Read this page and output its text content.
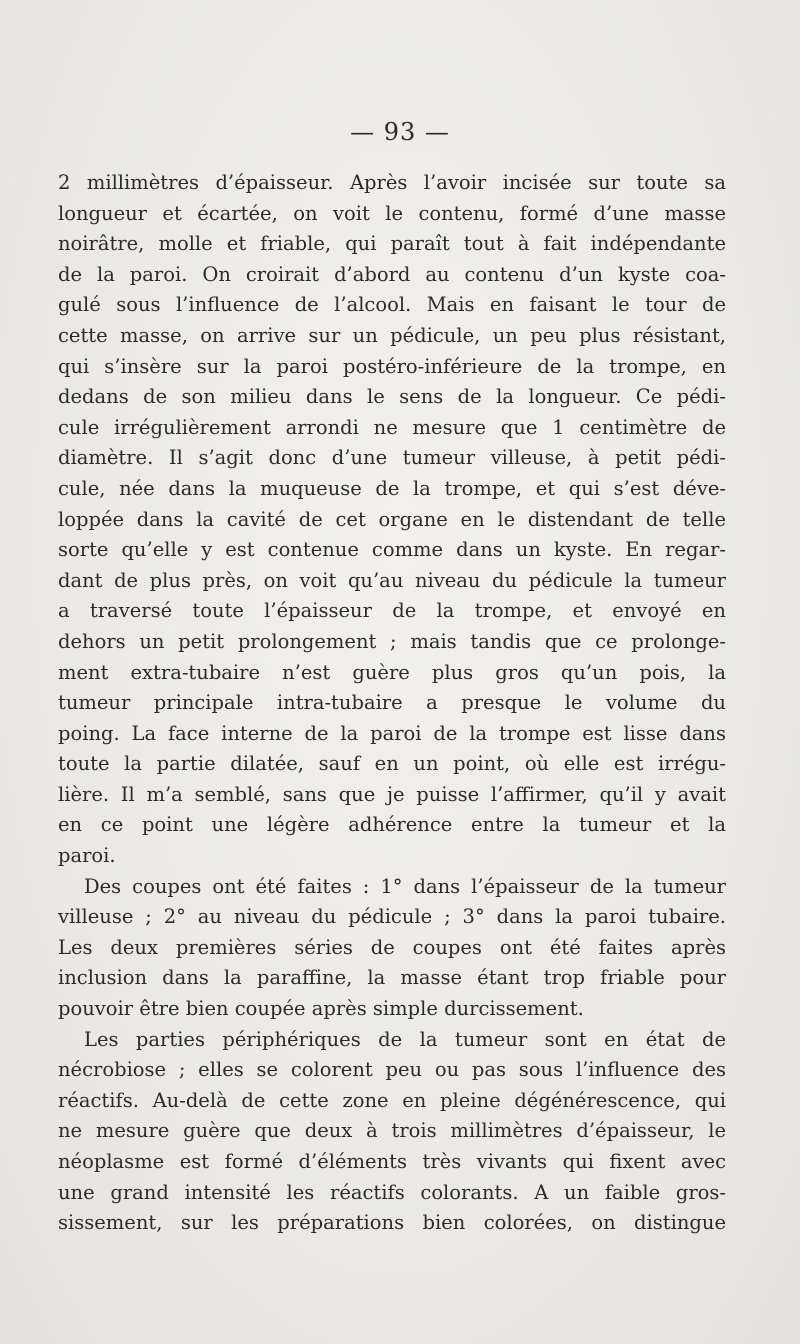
— 93 —
2 millimètres d’épaisseur. Après l’avoir incisée sur toute sa
longueur et écartée, on voit le contenu, formé d’une masse
noirâtre, molle et friable, qui paraît tout à fait indépendante
de la paroi. On croirait d’abord au contenu d’un kyste coa-
gulé sous l’influence de l’alcool. Mais en faisant le tour de
cette masse, on arrive sur un pédicule, un peu plus résistant,
qui s’insère sur la paroi postéro-inférieure de la trompe, en
dedans de son milieu dans le sens de la longueur. Ce pédi-
cule irrégulièrement arrondi ne mesure que 1 centimètre de
diamètre. Il s’agit donc d’une tumeur villeuse, à petit pédi-
cule, née dans la muqueuse de la trompe, et qui s’est déve-
loppée dans la cavité de cet organe en le distendant de telle
sorte qu’elle y est contenue comme dans un kyste. En regar-
dant de plus près, on voit qu’au niveau du pédicule la tumeur
a traversé toute l’épaisseur de la trompe, et envoyé en
dehors un petit prolongement ; mais tandis que ce prolonge-
ment extra-tubaire n’est guère plus gros qu’un pois, la
tumeur principale intra-tubaire a presque le volume du
poing. La face interne de la paroi de la trompe est lisse dans
toute la partie dilatée, sauf en un point, où elle est irrégu-
lière. Il m’a semblé, sans que je puisse l’affirmer, qu’il y avait
en ce point une légère adhérence entre la tumeur et la
paroi.
Des coupes ont été faites : 1° dans l’épaisseur de la tumeur
villeuse ; 2° au niveau du pédicule ; 3° dans la paroi tubaire.
Les deux premières séries de coupes ont été faites après
inclusion dans la paraffine, la masse étant trop friable pour
pouvoir être bien coupée après simple durcissement.
Les parties périphériques de la tumeur sont en état de
nécrobiose ; elles se colorent peu ou pas sous l’influence des
réactifs. Au-delà de cette zone en pleine dégénérescence, qui
ne mesure guère que deux à trois millimètres d’épaisseur, le
néoplasme est formé d’éléments très vivants qui fixent avec
une grand intensité les réactifs colorants. A un faible gros-
sissement, sur les préparations bien colorées, on distingue
